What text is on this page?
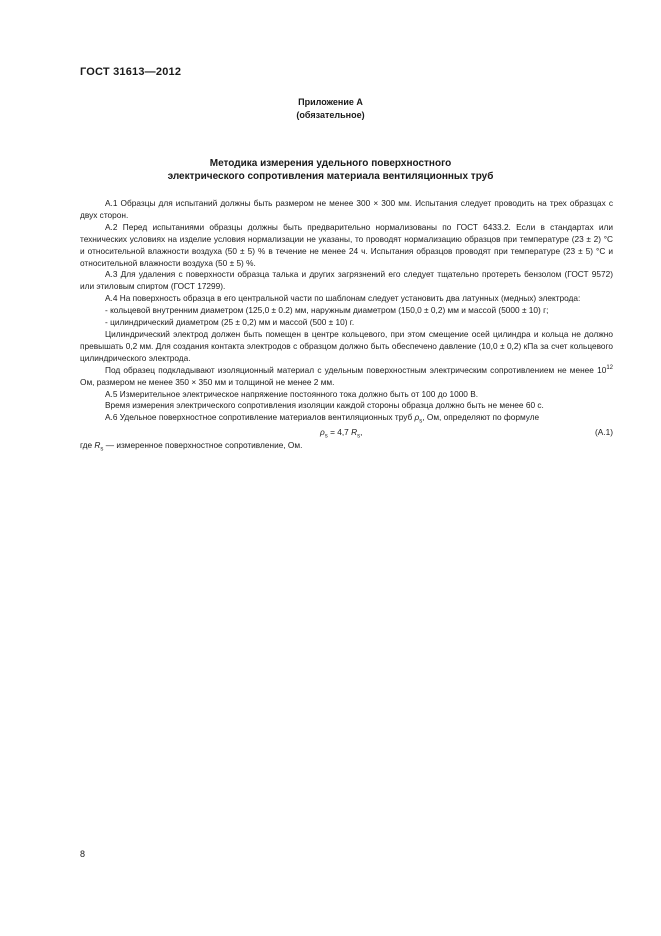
ГОСТ 31613—2012
Приложение А
(обязательное)
Методика измерения удельного поверхностного
электрического сопротивления материала вентиляционных труб

А.1 Образцы для испытаний должны быть размером не менее 300 × 300 мм. Испытания следует проводить на трех образцах с двух сторон.

А.2 Перед испытаниями образцы должны быть предварительно нормализованы по ГОСТ 6433.2. Если в стандартах или технических условиях на изделие условия нормализации не указаны, то проводят нормализацию образцов при температуре (23 ± 2) °С и относительной влажности воздуха (50 ± 5) % в течение не менее 24 ч. Испытания образцов проводят при температуре (23 ± 5) °С и относительной влажности воздуха (50 ± 5) %.

А.3 Для удаления с поверхности образца талька и других загрязнений его следует тщательно протереть бензолом (ГОСТ 9572) или этиловым спиртом (ГОСТ 17299).

А.4 На поверхность образца в его центральной части по шаблонам следует установить два латунных (медных) электрода:

- кольцевой внутренним диаметром (125,0 ± 0.2) мм, наружным диаметром (150,0 ± 0,2) мм и массой (5000 ± 10) г;

- цилиндрический диаметром (25 ± 0,2) мм и массой (500 ± 10) г.

Цилиндрический электрод должен быть помещен в центре кольцевого, при этом смещение осей цилиндра и кольца не должно превышать 0,2 мм. Для создания контакта электродов с образцом должно быть обеспечено давление (10,0 ± 0,2) кПа за счет кольцевого цилиндрического электрода.

Под образец подкладывают изоляционный материал с удельным поверхностным электрическим сопротивлением не менее $10^{12}$ Ом, размером не менее 350 × 350 мм и толщиной не менее 2 мм.

А.5 Измерительное электрическое напряжение постоянного тока должно быть от 100 до 1000 В.

Время измерения электрического сопротивления изоляции каждой стороны образца должно быть не менее 60 с.

А.6 Удельное поверхностное сопротивление материалов вентиляционных труб $\rho_s$, Ом, определяют по формуле

$\rho_s = 4,7$ $R_s$,	(А.1)

где $R_s$ — измеренное поверхностное сопротивление, Ом.

8
